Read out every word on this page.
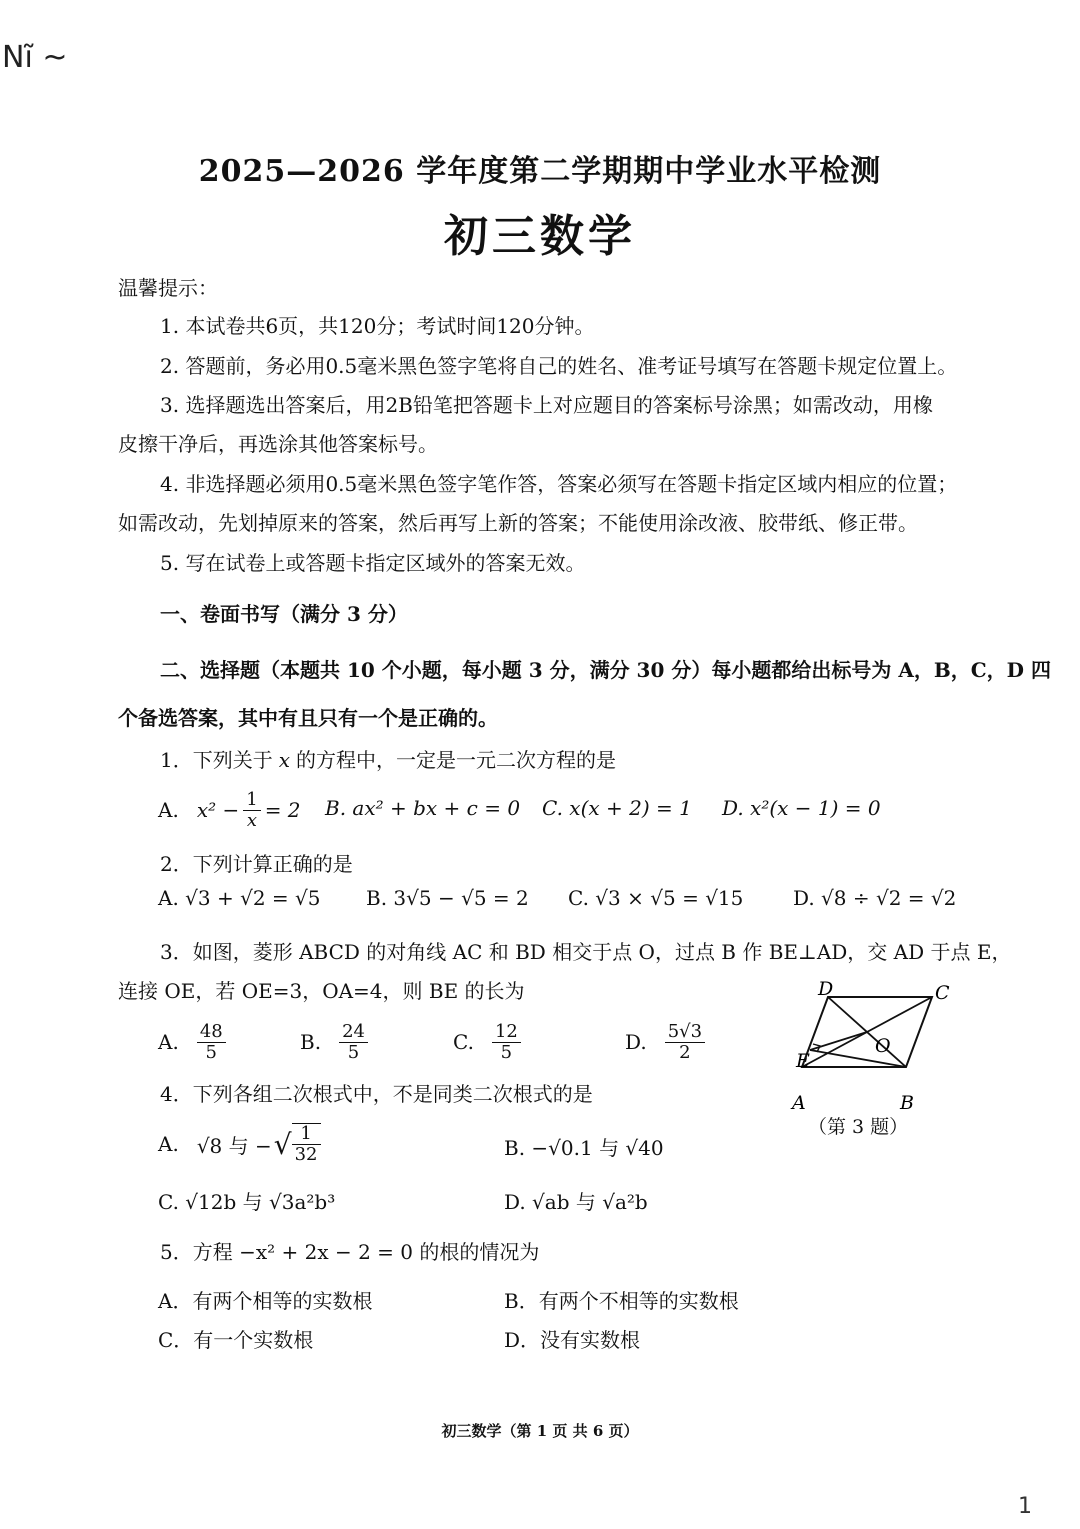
Nĩ ~
2025—2026 学年度第二学期期中学业水平检测
初三数学
温馨提示：
1. 本试卷共6页，共120分；考试时间120分钟。
2. 答题前，务必用0.5毫米黑色签字笔将自己的姓名、准考证号填写在答题卡规定位置上。
3. 选择题选出答案后，用2B铅笔把答题卡上对应题目的答案标号涂黑；如需改动，用橡
皮擦干净后，再选涂其他答案标号。
4. 非选择题必须用0.5毫米黑色签字笔作答，答案必须写在答题卡指定区域内相应的位置；
如需改动，先划掉原来的答案，然后再写上新的答案；不能使用涂改液、胶带纸、修正带。
5. 写在试卷上或答题卡指定区域外的答案无效。
一、卷面书写（满分 3 分）
二、选择题（本题共 10 个小题，每小题 3 分，满分 30 分）每小题都给出标号为 A，B，C，D 四
个备选答案，其中有且只有一个是正确的。
1．下列关于 x 的方程中，一定是一元二次方程的是
A. $x^2 - \frac{1}{x} = 2$ B. ax² + bx + c = 0 C. x(x + 2) = 1 D. x²(x − 1) = 0
2．下列计算正确的是
A. √3 + √2 = √5 B. 3√5 − √5 = 2 C. √3 × √5 = √15 D. √8 ÷ √2 = √2
3．如图，菱形 ABCD 的对角线 AC 和 BD 相交于点 O，过点 B 作 BE⊥AD，交 AD 于点 E，
连接 OE，若 OE=3，OA=4，则 BE 的长为
A. $\frac{48}{5}$	B. $\frac{24}{5}$	C. $\frac{12}{5}$	D. $\frac{5√3}{2}$
D	C
O
E
A	B
（第 3 题）
4．下列各组二次根式中，不是同类二次根式的是
A. √8 与 − √ $\frac{1}{32}$	B. −√0.1 与 √40
C. √12b 与 √3a²b³	D. √ab 与 √a²b
5．方程 −x² + 2x − 2 = 0 的根的情况为
A．有两个相等的实数根	B．有两个不相等的实数根
C．有一个实数根	D．没有实数根
初三数学（第 1 页 共 6 页）
1
